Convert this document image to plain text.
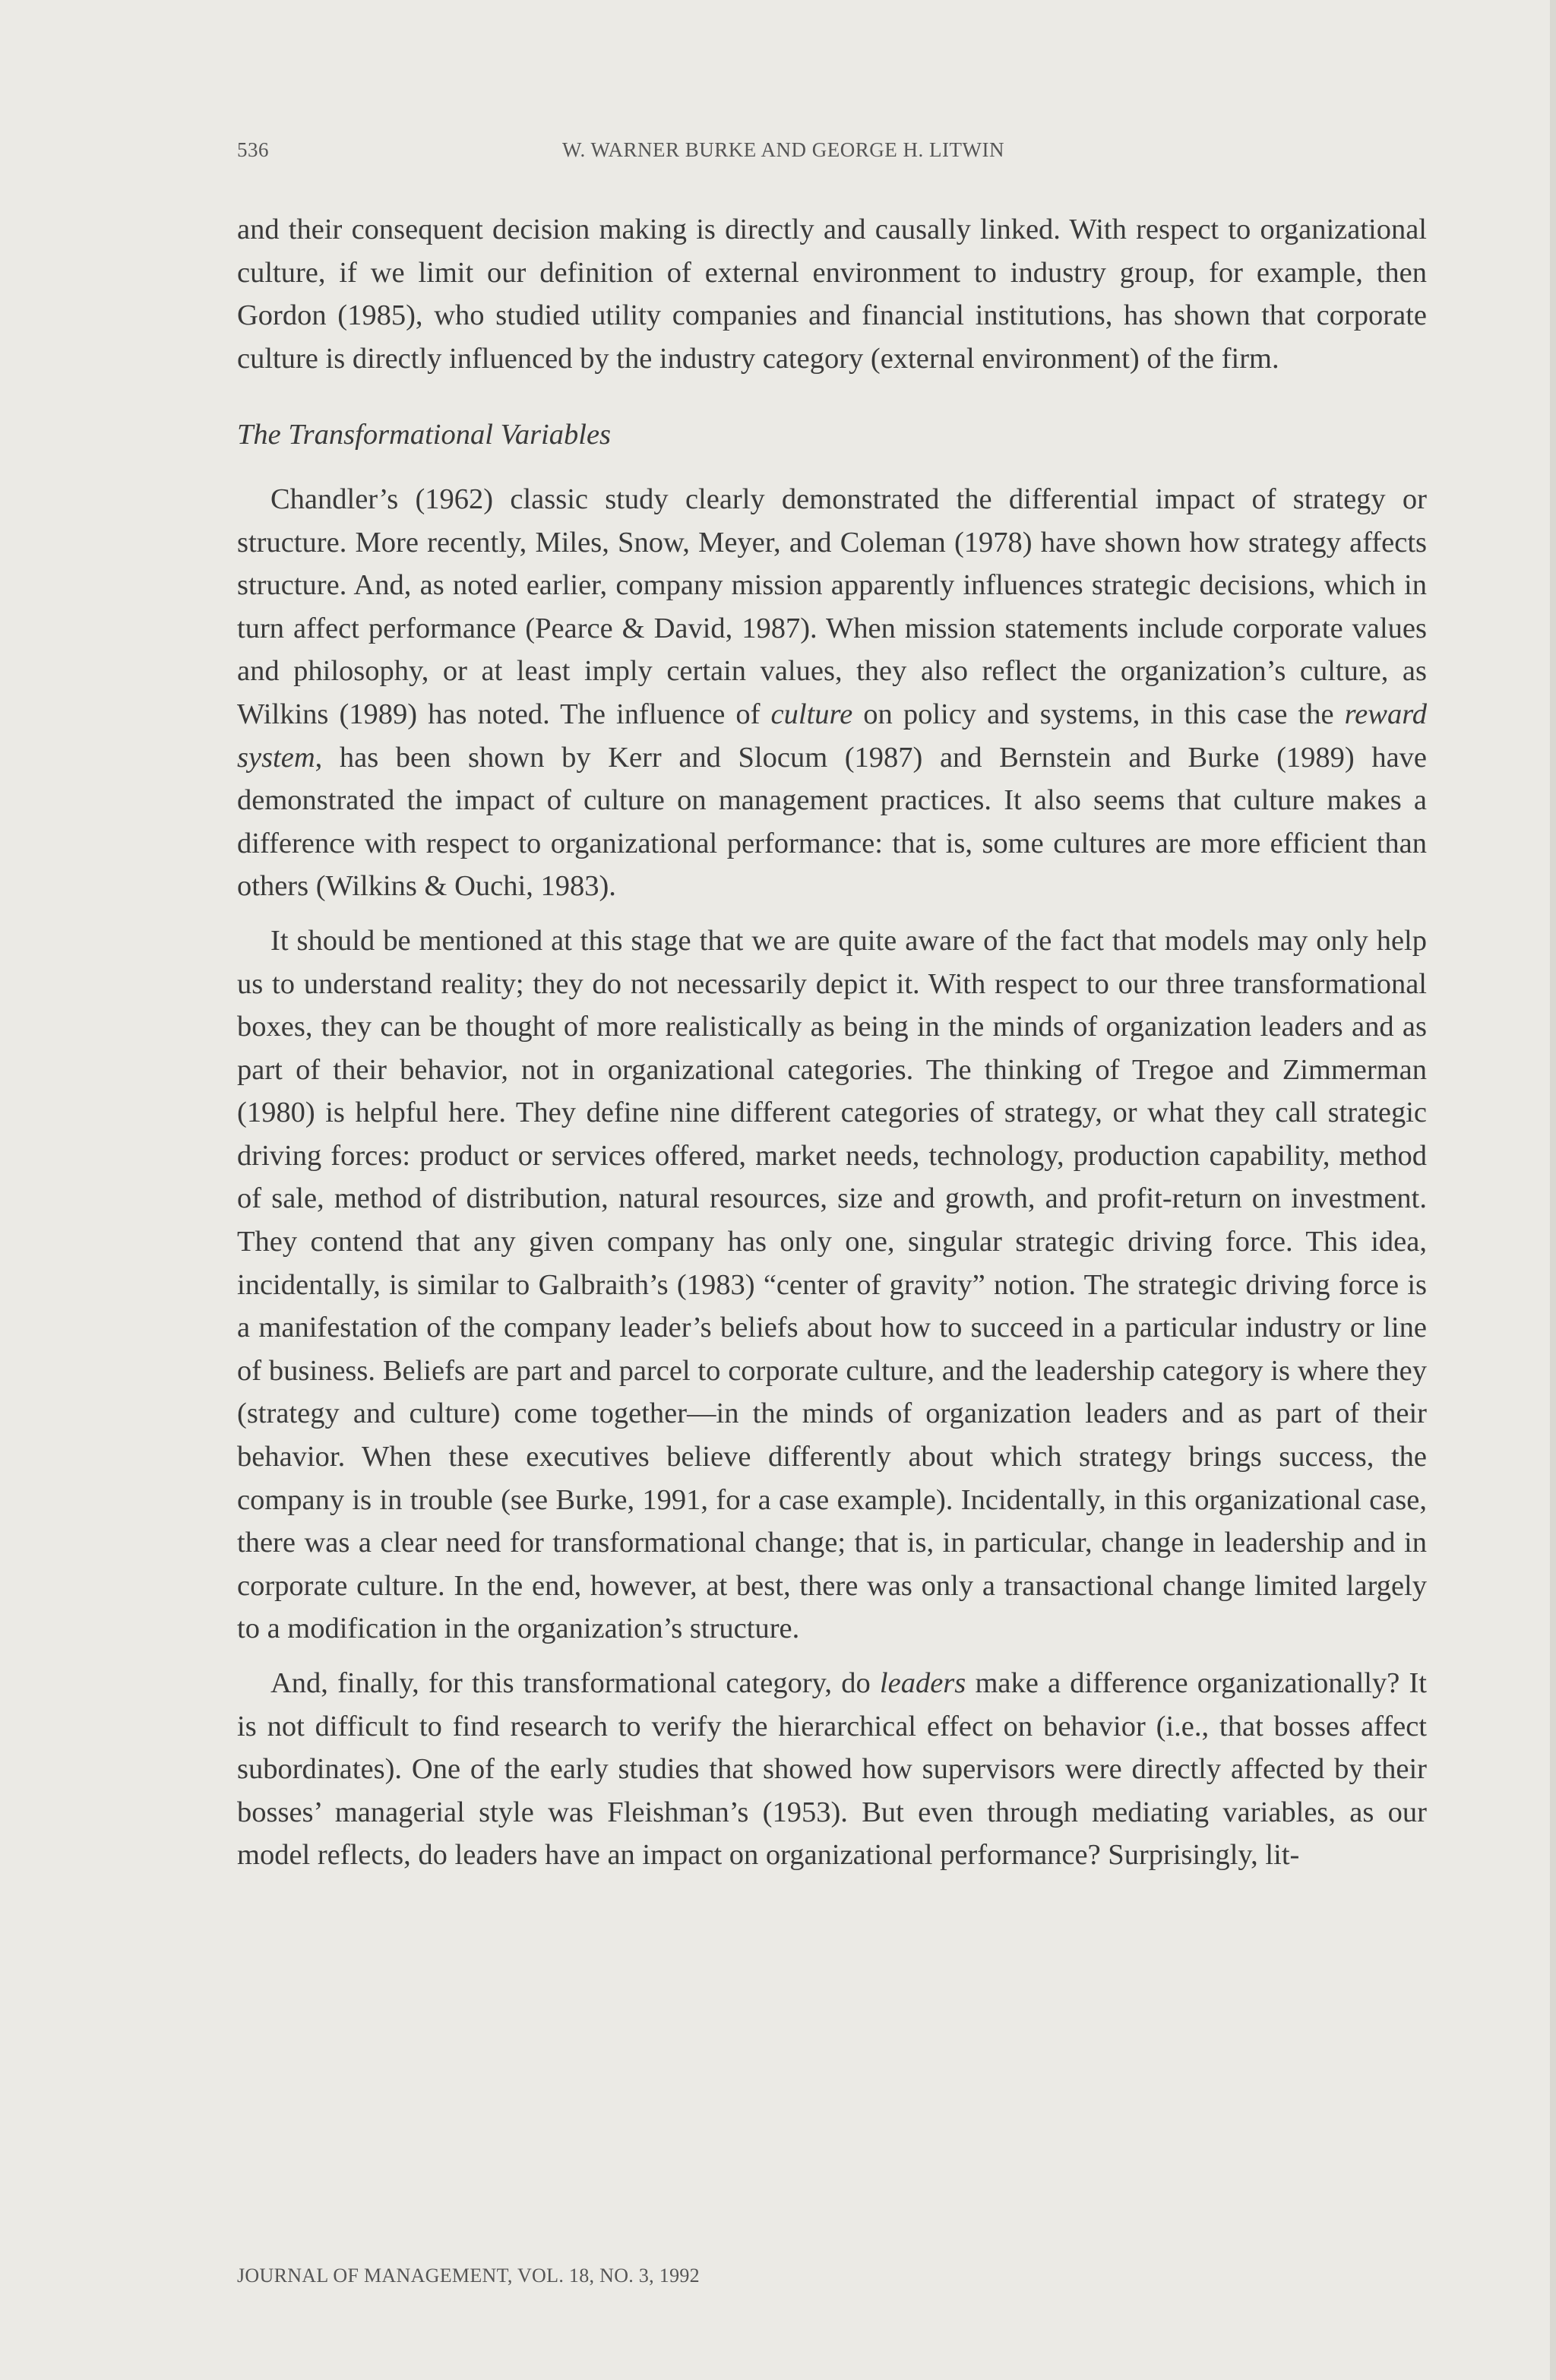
536	W. WARNER BURKE AND GEORGE H. LITWIN

and their consequent decision making is directly and causally linked. With respect to organizational culture, if we limit our definition of external environment to industry group, for example, then Gordon (1985), who studied utility companies and financial institutions, has shown that corporate culture is directly influenced by the industry category (external environment) of the firm.

The Transformational Variables

Chandler’s (1962) classic study clearly demonstrated the differential impact of strategy or structure. More recently, Miles, Snow, Meyer, and Coleman (1978) have shown how strategy affects structure. And, as noted earlier, company mission apparently influences strategic decisions, which in turn affect performance (Pearce & David, 1987). When mission statements include corporate values and philosophy, or at least imply certain values, they also reflect the organization’s culture, as Wilkins (1989) has noted. The influence of culture on policy and systems, in this case the reward system, has been shown by Kerr and Slocum (1987) and Bernstein and Burke (1989) have demonstrated the impact of culture on management practices. It also seems that culture makes a difference with respect to organizational performance: that is, some cultures are more efficient than others (Wilkins & Ouchi, 1983).

It should be mentioned at this stage that we are quite aware of the fact that models may only help us to understand reality; they do not necessarily depict it. With respect to our three transformational boxes, they can be thought of more realistically as being in the minds of organization leaders and as part of their behavior, not in organizational categories. The thinking of Tregoe and Zimmerman (1980) is helpful here. They define nine different categories of strategy, or what they call strategic driving forces: product or services offered, market needs, technology, production capability, method of sale, method of distribution, natural resources, size and growth, and profit-return on investment. They contend that any given company has only one, singular strategic driving force. This idea, incidentally, is similar to Galbraith’s (1983) “center of gravity” notion. The strategic driving force is a manifestation of the company leader’s beliefs about how to succeed in a particular industry or line of business. Beliefs are part and parcel to corporate culture, and the leadership category is where they (strategy and culture) come together—in the minds of organization leaders and as part of their behavior. When these executives believe differently about which strategy brings success, the company is in trouble (see Burke, 1991, for a case example). Incidentally, in this organizational case, there was a clear need for transformational change; that is, in particular, change in leadership and in corporate culture. In the end, however, at best, there was only a transactional change limited largely to a modification in the organization’s structure.

And, finally, for this transformational category, do leaders make a difference organizationally? It is not difficult to find research to verify the hierarchical effect on behavior (i.e., that bosses affect subordinates). One of the early studies that showed how supervisors were directly affected by their bosses’ managerial style was Fleishman’s (1953). But even through mediating variables, as our model reflects, do leaders have an impact on organizational performance? Surprisingly, lit-

JOURNAL OF MANAGEMENT, VOL. 18, NO. 3, 1992
